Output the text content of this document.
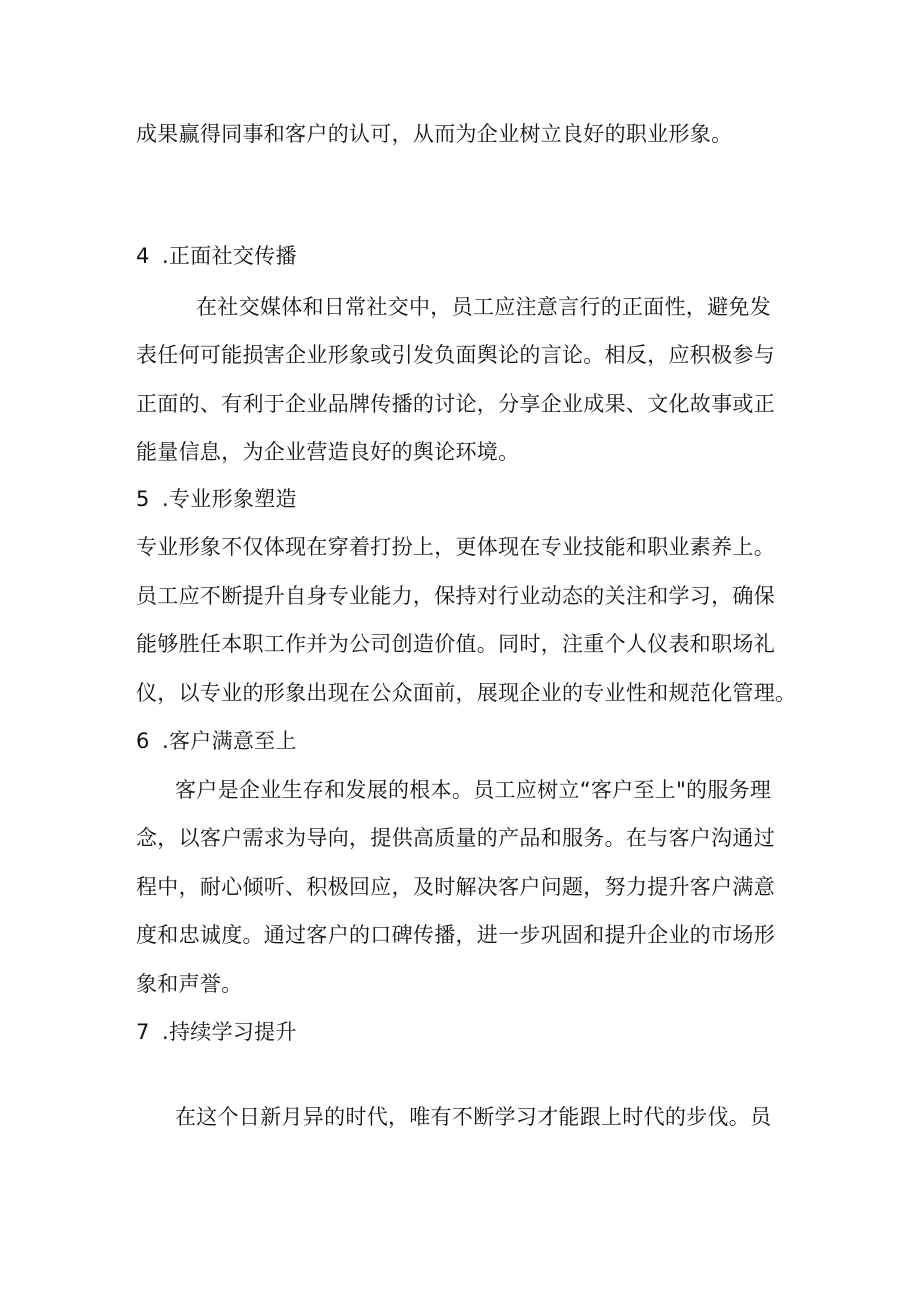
成果赢得同事和客户的认可，从而为企业树立良好的职业形象。
4 .正面社交传播
在社交媒体和日常社交中，员工应注意言行的正面性，避免发
表任何可能损害企业形象或引发负面舆论的言论。相反，应积极参与
正面的、有利于企业品牌传播的讨论，分享企业成果、文化故事或正
能量信息，为企业营造良好的舆论环境。
5 .专业形象塑造
专业形象不仅体现在穿着打扮上，更体现在专业技能和职业素养上。
员工应不断提升自身专业能力，保持对行业动态的关注和学习，确保
能够胜任本职工作并为公司创造价值。同时，注重个人仪表和职场礼
仪，以专业的形象出现在公众面前，展现企业的专业性和规范化管理。
6 .客户满意至上
客户是企业生存和发展的根本。员工应树立“客户至上"的服务理
念，以客户需求为导向，提供高质量的产品和服务。在与客户沟通过
程中，耐心倾听、积极回应，及时解决客户问题，努力提升客户满意
度和忠诚度。通过客户的口碑传播，进一步巩固和提升企业的市场形
象和声誉。
7 .持续学习提升
在这个日新月异的时代，唯有不断学习才能跟上时代的步伐。员
